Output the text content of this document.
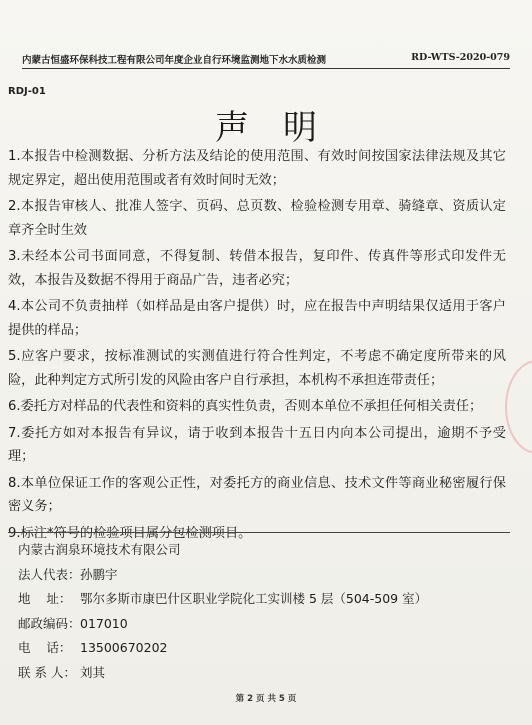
内蒙古恒盛环保科技工程有限公司年度企业自行环境监测地下水水质检测	RD-WTS-2020-079
RDJ-01
声明
1.本报告中检测数据、分析方法及结论的使用范围、有效时间按国家法律法规及其它规定界定，超出使用范围或者有效时间时无效；
2.本报告审核人、批准人签字、页码、总页数、检验检测专用章、骑缝章、资质认定章齐全时生效
3.未经本公司书面同意，不得复制、转借本报告，复印件、传真件等形式印发件无效，本报告及数据不得用于商品广告，违者必究；
4.本公司不负责抽样（如样品是由客户提供）时，应在报告中声明结果仅适用于客户提供的样品；
5.应客户要求，按标准测试的实测值进行符合性判定，不考虑不确定度所带来的风险，此种判定方式所引发的风险由客户自行承担，本机构不承担连带责任；
6.委托方对样品的代表性和资料的真实性负责，否则本单位不承担任何相关责任；
7.委托方如对本报告有异议，请于收到本报告十五日内向本公司提出，逾期不予受理；
8.本单位保证工作的客观公正性，对委托方的商业信息、技术文件等商业秘密履行保密义务；
9.标注*符号的检验项目属分包检测项目。
内蒙古润泉环境技术有限公司
法人代表： 孙鹏宇
地    址： 鄂尔多斯市康巴什区职业学院化工实训楼 5 层（504-509 室）
邮政编码： 017010
电    话： 13500670202
联 系 人： 刘其
第 2 页 共 5 页
